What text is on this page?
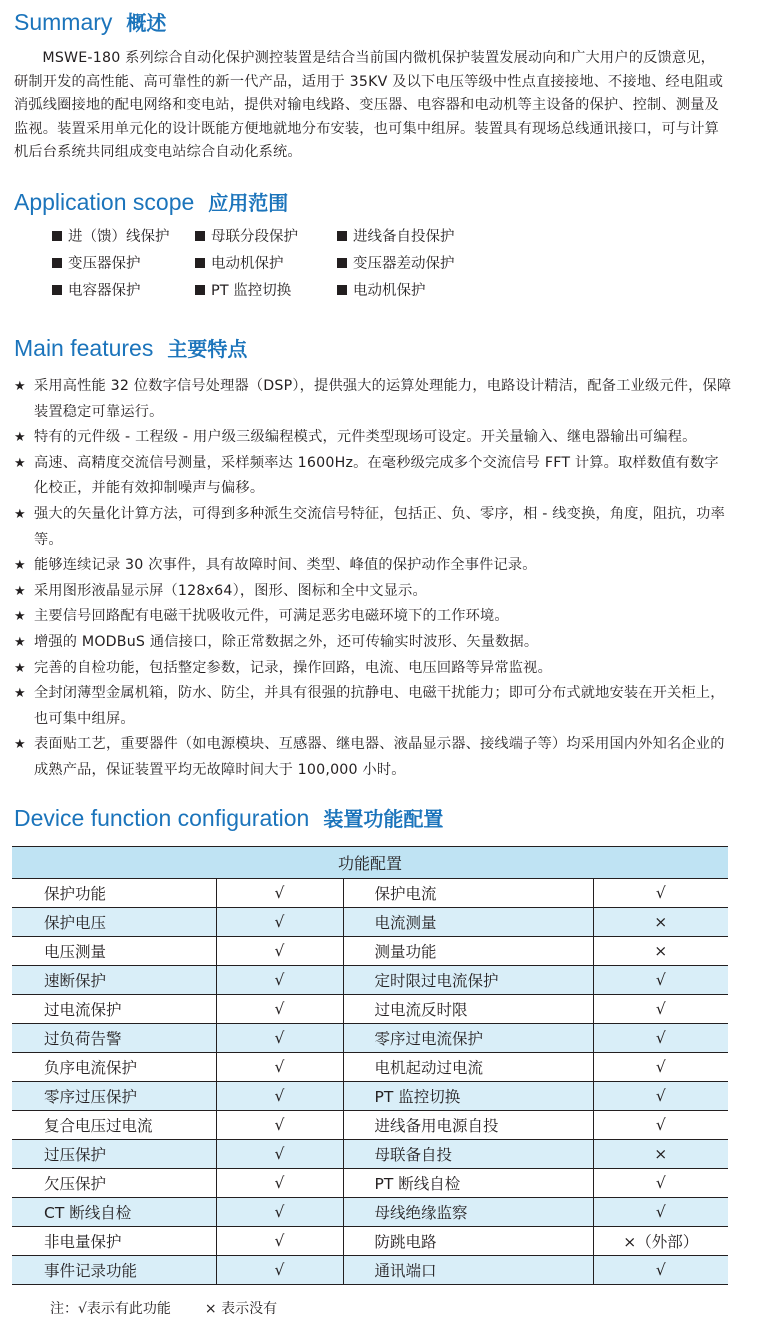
Summary 概述

MSWE-180 系列综合自动化保护测控装置是结合当前国内微机保护装置发展动向和广大用户的反馈意见，研制开发的高性能、高可靠性的新一代产品，适用于 35KV 及以下电压等级中性点直接接地、不接地、经电阻或消弧线圈接地的配电网络和变电站，提供对输电线路、变压器、电容器和电动机等主设备的保护、控制、测量及监视。装置采用单元化的设计既能方便地就地分布安装，也可集中组屏。装置具有现场总线通讯接口，可与计算机后台系统共同组成变电站综合自动化系统。

Application scope 应用范围
进（馈）线保护	母联分段保护	进线备自投保护
变压器保护	电动机保护	变压器差动保护
电容器保护	PT 监控切换	电动机保护
Main features 主要特点
★ 采用高性能 32 位数字信号处理器（DSP），提供强大的运算处理能力，电路设计精洁，配备工业级元件，保障装置稳定可靠运行。
★ 特有的元件级 - 工程级 - 用户级三级编程模式，元件类型现场可设定。开关量输入、继电器输出可编程。
★ 高速、高精度交流信号测量，采样频率达 1600Hz。在毫秒级完成多个交流信号 FFT 计算。取样数值有数字化校正，并能有效抑制噪声与偏移。
★ 强大的矢量化计算方法，可得到多种派生交流信号特征，包括正、负、零序，相 - 线变换，角度，阻抗，功率等。
★ 能够连续记录 30 次事件，具有故障时间、类型、峰值的保护动作全事件记录。
★ 采用图形液晶显示屏（128x64），图形、图标和全中文显示。
★ 主要信号回路配有电磁干扰吸收元件，可满足恶劣电磁环境下的工作环境。
★ 增强的 MODBuS 通信接口，除正常数据之外，还可传输实时波形、矢量数据。
★ 完善的自检功能，包括整定参数，记录，操作回路，电流、电压回路等异常监视。
★ 全封闭薄型金属机箱，防水、防尘，并具有很强的抗静电、电磁干扰能力；即可分布式就地安装在开关柜上，也可集中组屏。
★ 表面贴工艺，重要器件（如电源模块、互感器、继电器、液晶显示器、接线端子等）均采用国内外知名企业的成熟产品，保证装置平均无故障时间大于 100,000 小时。
Device function configuration 装置功能配置
功能配置			
保护功能	√	保护电流	√
保护电压	√	电流测量	×
电压测量	√	测量功能	×
速断保护	√	定时限过电流保护	√
过电流保护	√	过电流反时限	√
过负荷告警	√	零序过电流保护	√
负序电流保护	√	电机起动过电流	√
零序过压保护	√	PT 监控切换	√
复合电压过电流	√	进线备用电源自投	√
过压保护	√	母联备自投	×
欠压保护	√	PT 断线自检	√
CT 断线自检	√	母线绝缘监察	√
非电量保护	√	防跳电路	×（外部）
事件记录功能	√	通讯端口	√

注：√表示有此功能 × 表示没有
